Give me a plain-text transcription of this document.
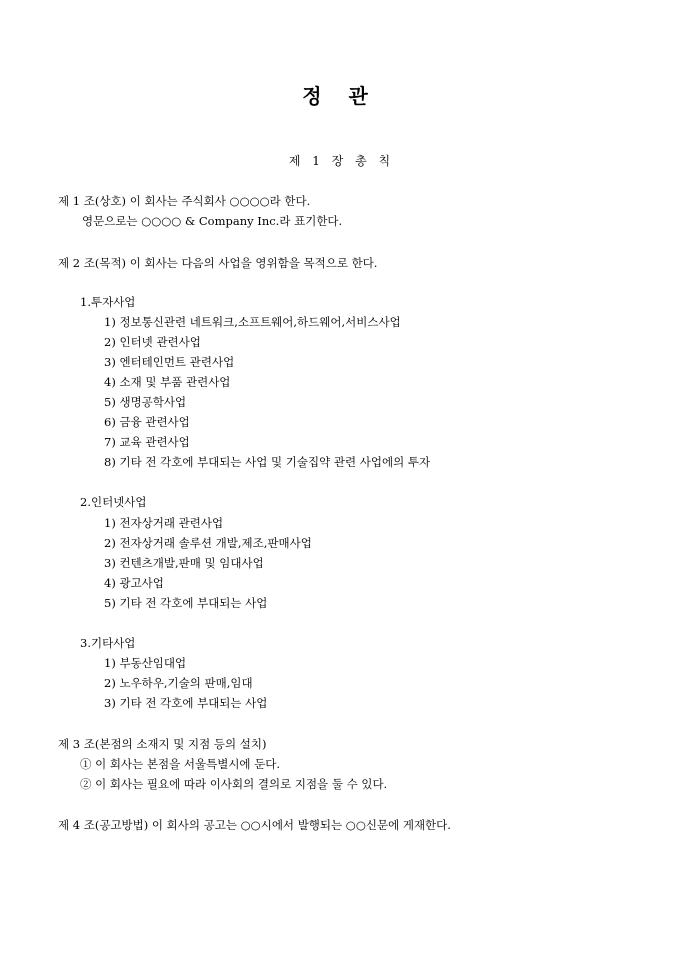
정 관
제 1 장 총 칙
제 1 조(상호) 이 회사는 주식회사 ○○○○라 한다.
영문으로는 ○○○○ & Company Inc.라 표기한다.
제 2 조(목적) 이 회사는 다음의 사업을 영위함을 목적으로 한다.
1.투자사업
1) 정보통신관련 네트워크,소프트웨어,하드웨어,서비스사업
2) 인터넷 관련사업
3) 엔터테인먼트 관련사업
4) 소재 및 부품 관련사업
5) 생명공학사업
6) 금융 관련사업
7) 교육 관련사업
8) 기타 전 각호에 부대되는 사업 및 기술집약 관련 사업에의 투자
2.인터넷사업
1) 전자상거래 관련사업
2) 전자상거래 솔루션 개발,제조,판매사업
3) 컨텐츠개발,판매 및 임대사업
4) 광고사업
5) 기타 전 각호에 부대되는 사업
3.기타사업
1) 부동산임대업
2) 노우하우,기술의 판매,임대
3) 기타 전 각호에 부대되는 사업
제 3 조(본점의 소재지 및 지점 등의 설치)
① 이 회사는 본점을 서울특별시에 둔다.
② 이 회사는 필요에 따라 이사회의 결의로 지점을 둘 수 있다.
제 4 조(공고방법) 이 회사의 공고는 ○○시에서 발행되는 ○○신문에 게재한다.
